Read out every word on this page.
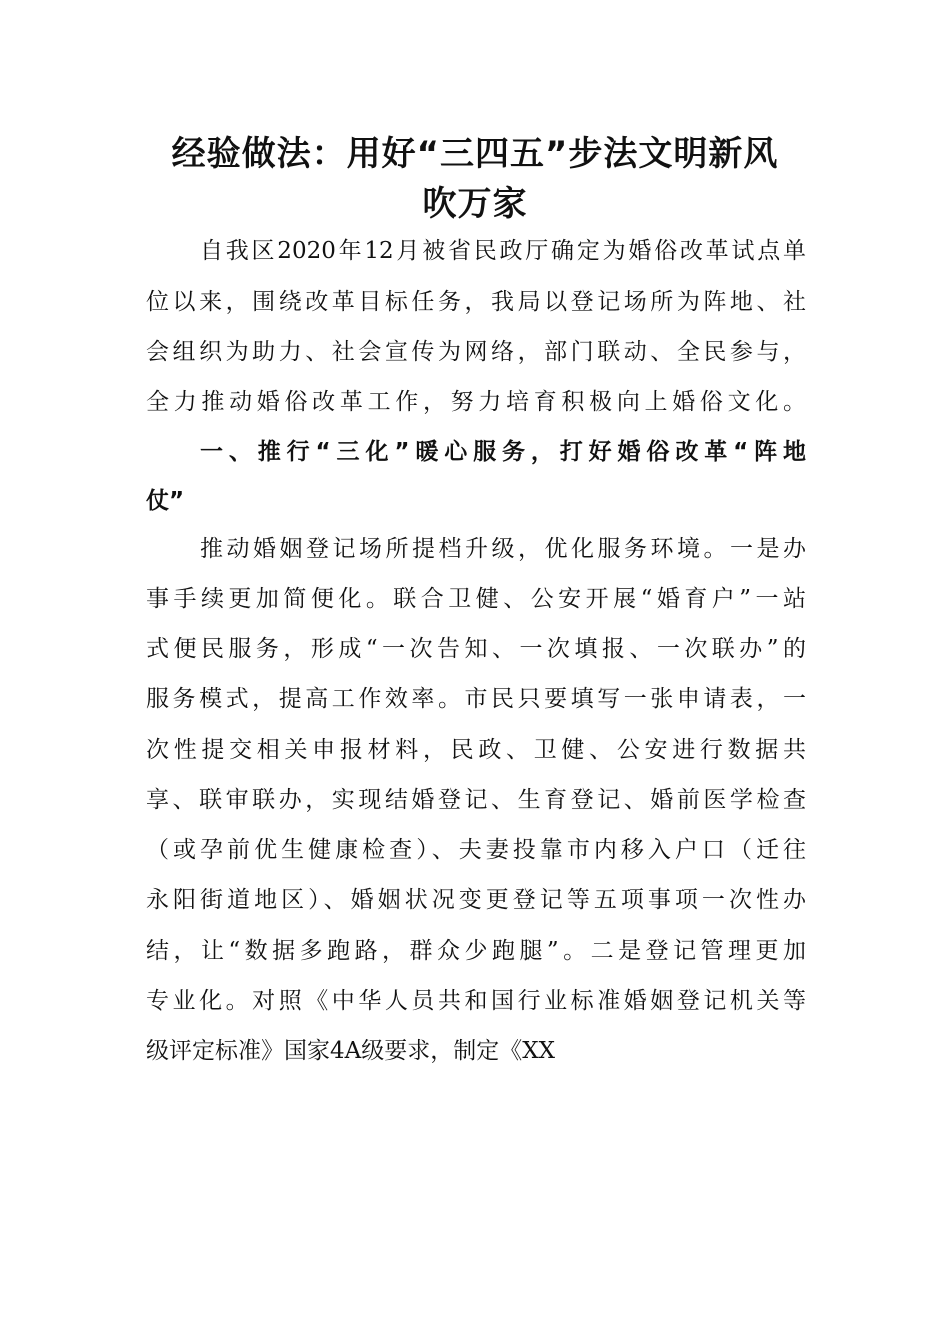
经验做法：用好“三四五”步法文明新风
吹万家
自我区2020年12月被省民政厅确定为婚俗改革试点单
位以来，围绕改革目标任务，我局以登记场所为阵地、社
会组织为助力、社会宣传为网络，部门联动、全民参与，
全力推动婚俗改革工作，努力培育积极向上婚俗文化。
一、推行“三化”暖心服务，打好婚俗改革“阵地
仗”
推动婚姻登记场所提档升级，优化服务环境。一是办
事手续更加简便化。联合卫健、公安开展“婚育户”一站
式便民服务，形成“一次告知、一次填报、一次联办”的
服务模式，提高工作效率。市民只要填写一张申请表，一
次性提交相关申报材料，民政、卫健、公安进行数据共
享、联审联办，实现结婚登记、生育登记、婚前医学检查
（或孕前优生健康检查）、夫妻投靠市内移入户口（迁往
永阳街道地区）、婚姻状况变更登记等五项事项一次性办
结，让“数据多跑路，群众少跑腿”。二是登记管理更加
专业化。对照《中华人员共和国行业标准婚姻登记机关等
级评定标准》国家4A级要求，制定《XX
